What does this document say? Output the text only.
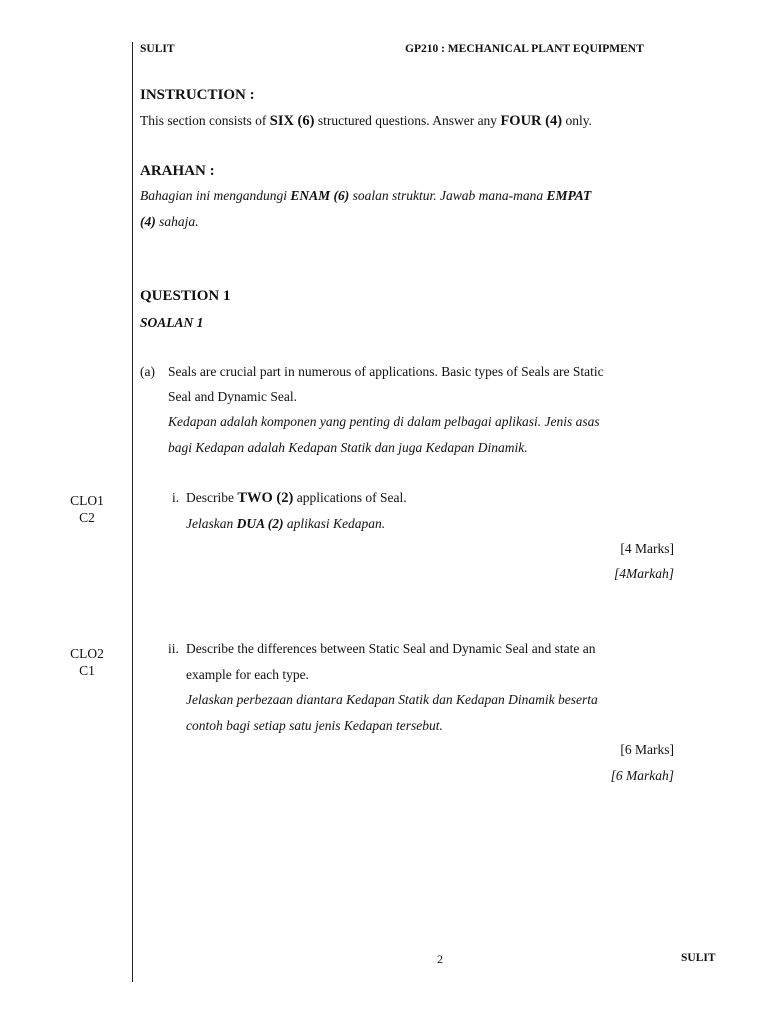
SULIT	GP210 : MECHANICAL PLANT EQUIPMENT
INSTRUCTION :
This section consists of SIX (6) structured questions. Answer any FOUR (4) only.
ARAHAN :
Bahagian ini mengandungi ENAM (6) soalan struktur. Jawab mana-mana EMPAT
(4) sahaja.
QUESTION 1
SOALAN 1
(a) Seals are crucial part in numerous of applications. Basic types of Seals are Static
Seal and Dynamic Seal.
Kedapan adalah komponen yang penting di dalam pelbagai aplikasi. Jenis asas
bagi Kedapan adalah Kedapan Statik dan juga Kedapan Dinamik.
CLO1
C2
i. Describe TWO (2) applications of Seal.
Jelaskan DUA (2) aplikasi Kedapan.
[4 Marks]
[4Markah]
CLO2
C1
ii. Describe the differences between Static Seal and Dynamic Seal and state an
example for each type.
Jelaskan perbezaan diantara Kedapan Statik dan Kedapan Dinamik beserta
contoh bagi setiap satu jenis Kedapan tersebut.
[6 Marks]
[6 Markah]
2	SULIT
